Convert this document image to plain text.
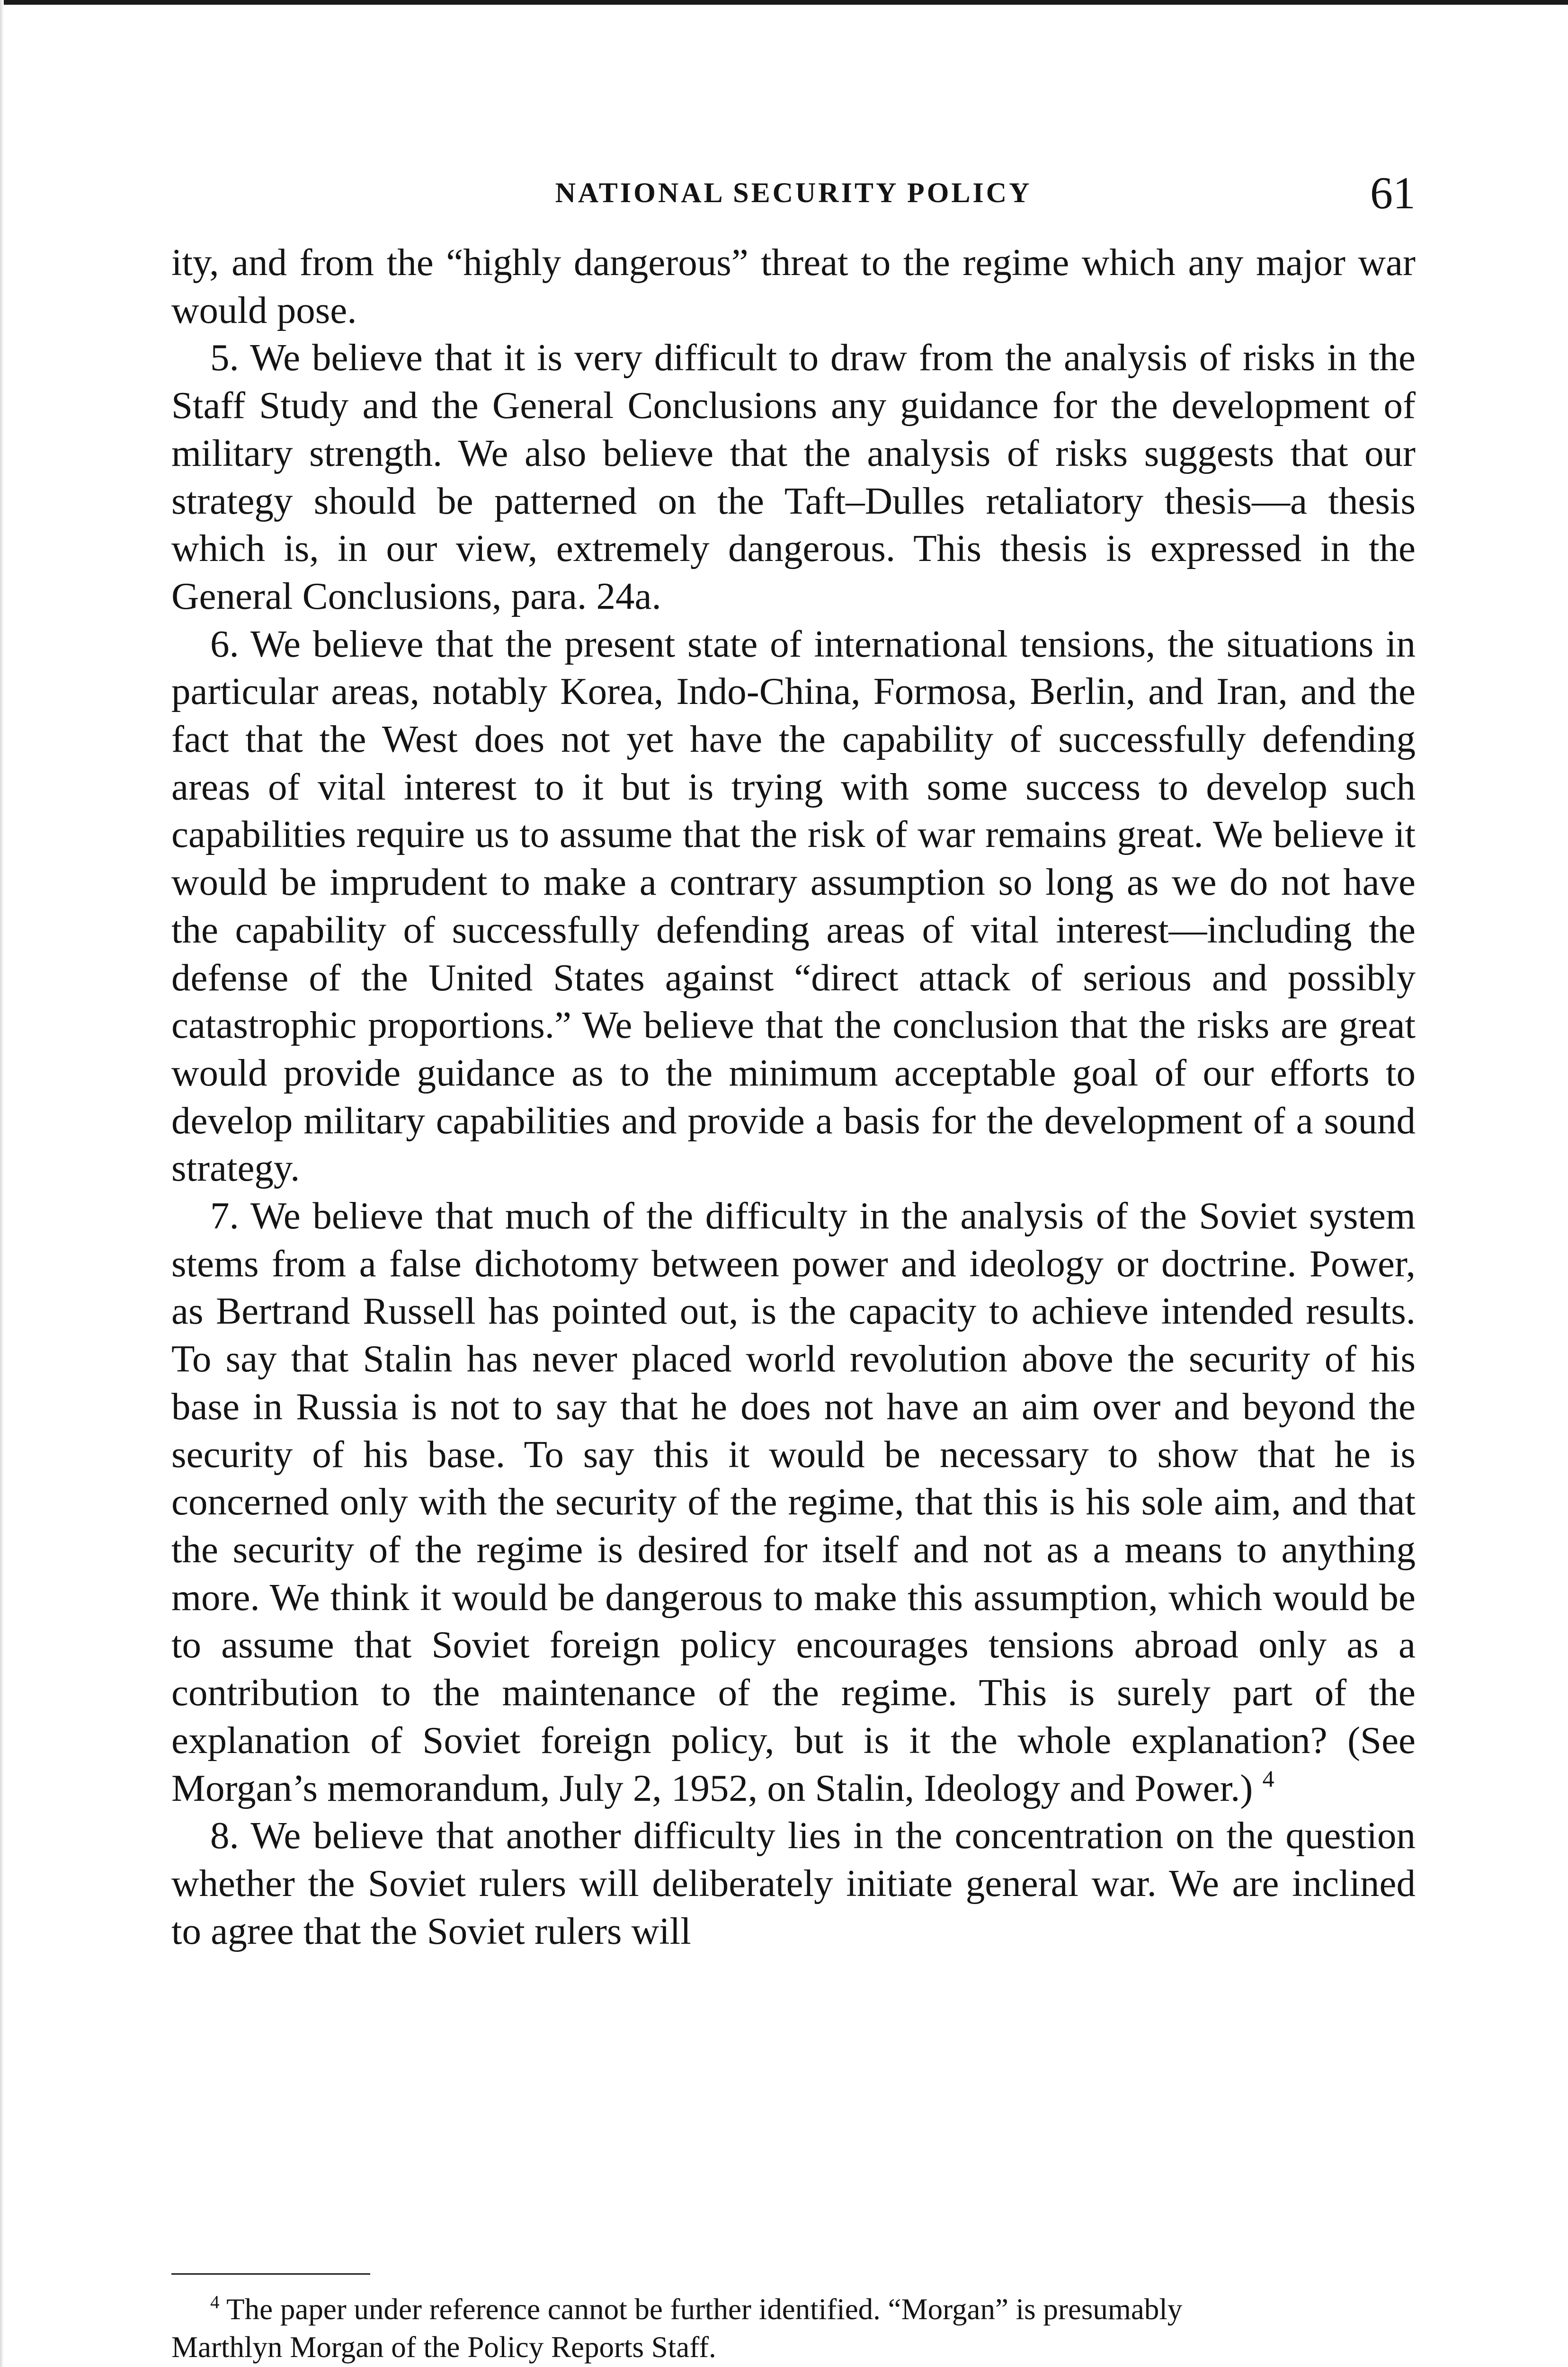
NATIONAL SECURITY POLICY	61

ity, and from the “highly dangerous” threat to the regime which any major war would pose.

5. We believe that it is very difficult to draw from the analysis of risks in the Staff Study and the General Conclusions any guidance for the development of military strength. We also believe that the analysis of risks suggests that our strategy should be patterned on the Taft–Dulles retaliatory thesis—a thesis which is, in our view, extremely dangerous. This thesis is expressed in the General Conclusions, para. 24a.

6. We believe that the present state of international tensions, the situations in particular areas, notably Korea, Indo-China, Formosa, Berlin, and Iran, and the fact that the West does not yet have the capability of successfully defending areas of vital interest to it but is trying with some success to develop such capabilities require us to assume that the risk of war remains great. We believe it would be imprudent to make a contrary assumption so long as we do not have the capability of successfully defending areas of vital interest—including the defense of the United States against “direct attack of serious and possibly catastrophic proportions.” We believe that the conclusion that the risks are great would provide guidance as to the minimum acceptable goal of our efforts to develop military capabilities and provide a basis for the development of a sound strategy.

7. We believe that much of the difficulty in the analysis of the Soviet system stems from a false dichotomy between power and ideology or doctrine. Power, as Bertrand Russell has pointed out, is the capacity to achieve intended results. To say that Stalin has never placed world revolution above the security of his base in Russia is not to say that he does not have an aim over and beyond the security of his base. To say this it would be necessary to show that he is concerned only with the security of the regime, that this is his sole aim, and that the security of the regime is desired for itself and not as a means to anything more. We think it would be dangerous to make this assumption, which would be to assume that Soviet foreign policy encourages tensions abroad only as a contribution to the maintenance of the regime. This is surely part of the explanation of Soviet foreign policy, but is it the whole explanation? (See Morgan’s memorandum, July 2, 1952, on Stalin, Ideology and Power.) $^4$

8. We believe that another difficulty lies in the concentration on the question whether the Soviet rulers will deliberately initiate general war. We are inclined to agree that the Soviet rulers will

$^4$ The paper under reference cannot be further identified. “Morgan” is presumably
Marthlyn Morgan of the Policy Reports Staff.
